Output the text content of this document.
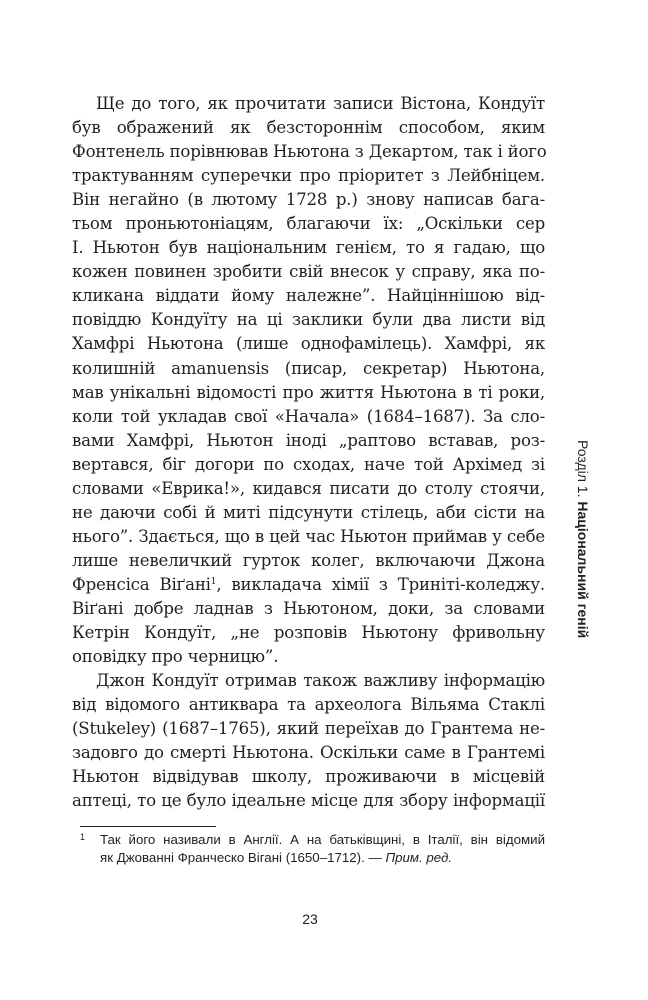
Розділ 1. Національний геній
Ще до того, як прочитати записи Вістона, Кондуїт
був ображений як безстороннім способом, яким
Фонтенель порівнював Ньютона з Декартом, так і його
трактуванням суперечки про пріоритет з Лейбніцем.
Він негайно (в лютому 1728 р.) знову написав бага-
тьом проньютоніацям, благаючи їх: „Оскільки сер
І. Ньютон був національним генієм, то я гадаю, що
кожен повинен зробити свій внесок у справу, яка по-
кликана віддати йому належне”. Найціннішою від-
повіддю Кондуїту на ці заклики були два листи від
Хамфрі Ньютона (лише однофамілець). Хамфрі, як
колишній amanuensis (писар, секретар) Ньютона,
мав унікальні відомості про життя Ньютона в ті роки,
коли той укладав свої «Начала» (1684–1687). За сло-
вами Хамфрі, Ньютон іноді „раптово вставав, роз-
вертався, біг догори по сходах, наче той Архімед зі
словами «Еврика!», кидався писати до столу стоячи,
не даючи собі й миті підсунути стілець, аби сісти на
нього”. Здається, що в цей час Ньютон приймав у себе
лише невеличкий гурток колег, включаючи Джона
Френсіса Віґані$^1$, викладача хімії з Триніті-коледжу.
Віґані добре ладнав з Ньютоном, доки, за словами
Кетрін Кондуїт, „не розповів Ньютону фривольну
оповідку про черницю”.
Джон Кондуїт отримав також важливу інформацію
від відомого антиквара та археолога Вільяма Стаклі
(Stukeley) (1687–1765), який переїхав до Грантема не-
задовго до смерті Ньютона. Оскільки саме в Грантемі
Ньютон відвідував школу, проживаючи в місцевій
аптеці, то це було ідеальне місце для збору інформації
1 Так його називали в Англії. А на батьківщині, в Італії, він відомий
як Джованні Франческо Вігані (1650–1712). — Прим. ред.
23
